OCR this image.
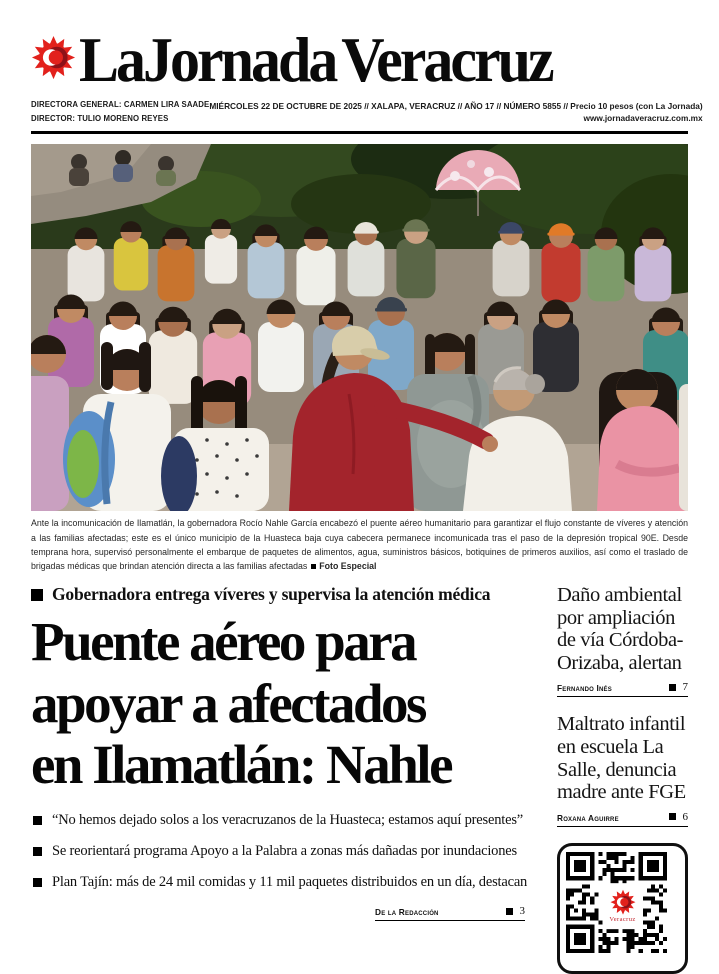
LaJornada Veracruz
DIRECTORA GENERAL: CARMEN LIRA SAADE
DIRECTOR: TULIO MORENO REYES
MIÉRCOLES 22 DE OCTUBRE DE 2025 // XALAPA, VERACRUZ // AÑO 17 // NÚMERO 5855 // Precio 10 pesos (con La Jornada)
www.jornadaveracruz.com.mx
Ante la incomunicación de Ilamatlán, la gobernadora Rocío Nahle García encabezó el puente aéreo humanitario para garantizar el flujo constante de víveres y atención a las familias afectadas; este es el único municipio de la Huasteca baja cuya cabecera permanece incomunicada tras el paso de la depresión tropical 90E. Desde temprana hora, supervisó personalmente el embarque de paquetes de alimentos, agua, suministros básicos, botiquines de primeros auxilios, así como el traslado de brigadas médicas que brindan atención directa a las familias afectadas Foto Especial
Gobernadora entrega víveres y supervisa la atención médica
Puente aéreo para
apoyar a afectados
en Ilamatlán: Nahle
“No hemos dejado solos a los veracruzanos de la Huasteca; estamos aquí presentes”
Se reorientará programa Apoyo a la Palabra a zonas más dañadas por inundaciones
Plan Tajín: más de 24 mil comidas y 11 mil paquetes distribuidos en un día, destacan
De la Redacción	3
Daño ambiental
por ampliación
de vía Córdoba-
Orizaba, alertan
Fernando Inés	7
Maltrato infantil
en escuela La
Salle, denuncia
madre ante FGE
Roxana Aguirre	6
Veracruz
